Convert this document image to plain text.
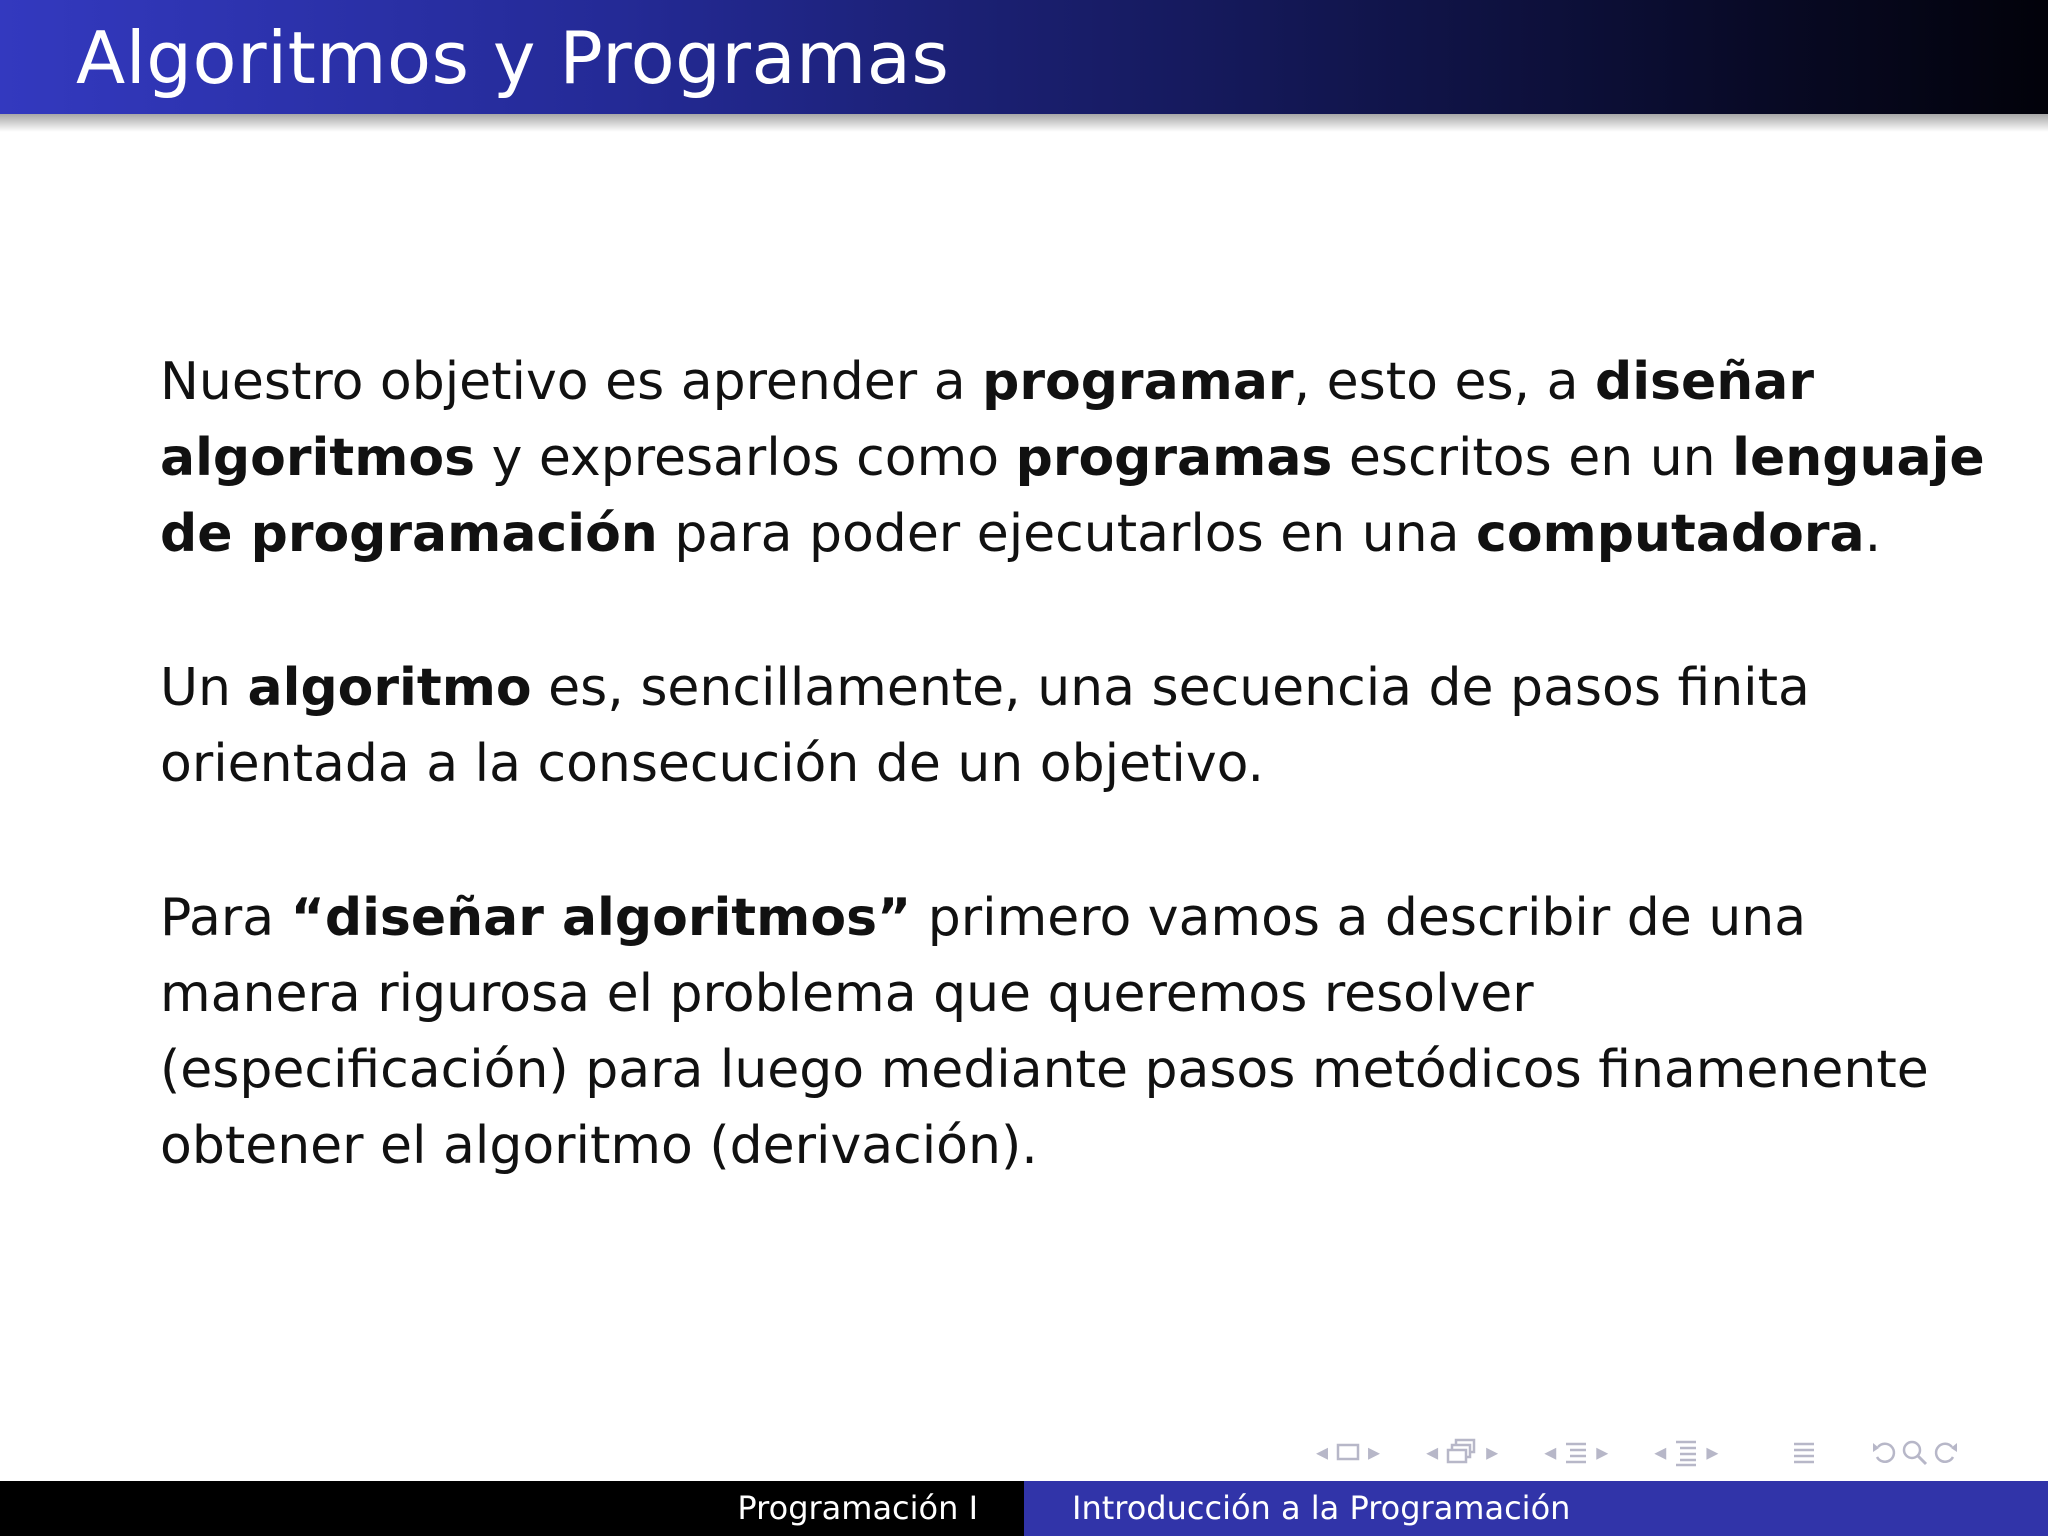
Algoritmos y Programas

Nuestro objetivo es aprender a programar, esto es, a diseñar
algoritmos y expresarlos como programas escritos en un lenguaje
de programación para poder ejecutarlos en una computadora.

Un algoritmo es, sencillamente, una secuencia de pasos finita
orientada a la consecución de un objetivo.

Para “diseñar algoritmos” primero vamos a describir de una
manera rigurosa el problema que queremos resolver
(especificación) para luego mediante pasos metódicos finamenente
obtener el algoritmo (derivación).

◂ ▸ ◂ ▸ ◂ ▸ ◂ ▸
Programación I	Introducción a la Programación
